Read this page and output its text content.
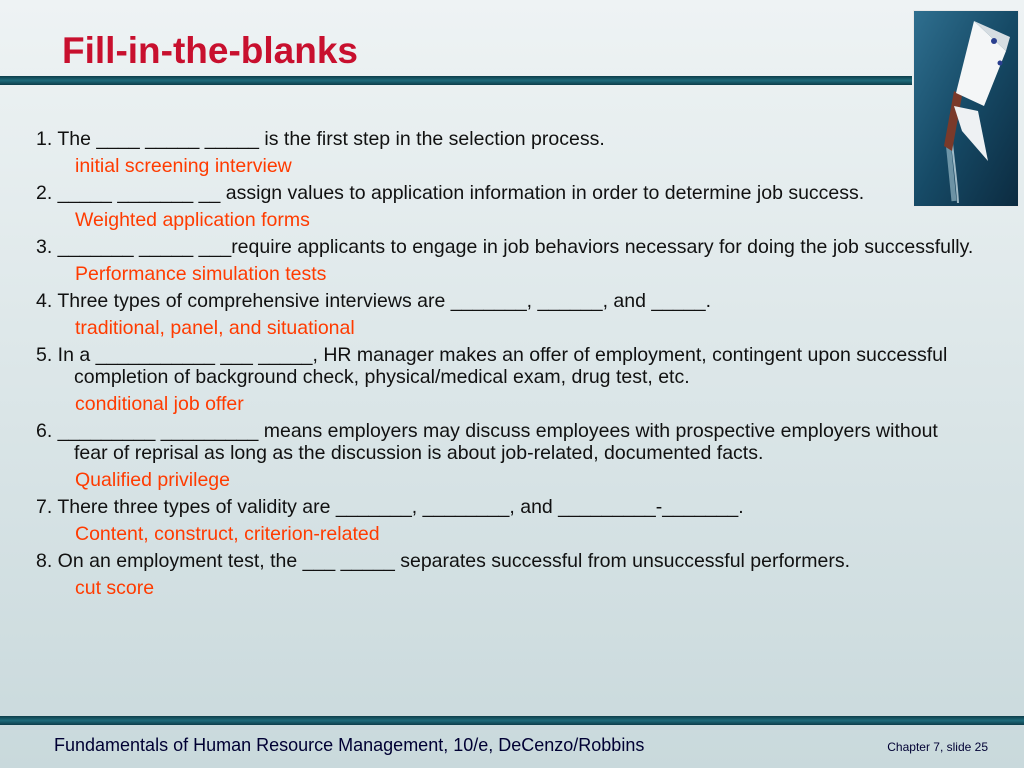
Fill-in-the-blanks

1. The ____ _____ _____ is the first step in the selection process.

initial screening interview

2. _____ _______ __ assign values to application information in order to determine job success.

Weighted application forms

3. _______ _____ ___require applicants to engage in job behaviors necessary for doing the job successfully.

Performance simulation tests

4. Three types of comprehensive interviews are _______, ______, and _____.

traditional, panel, and situational

5. In a ___________ ___ _____, HR manager makes an offer of employment, contingent upon successful completion of background check, physical/medical exam, drug test, etc.

conditional job offer

6. _________ _________ means employers may discuss employees with prospective employers without fear of reprisal as long as the discussion is about job-related, documented facts.

Qualified privilege

7. There three types of validity are _______, ________, and _________-_______.

Content, construct, criterion-related

8. On an employment test, the ___ _____ separates successful from unsuccessful performers.

cut score

Fundamentals of Human Resource Management, 10/e, DeCenzo/Robbins	Chapter 7, slide 25
